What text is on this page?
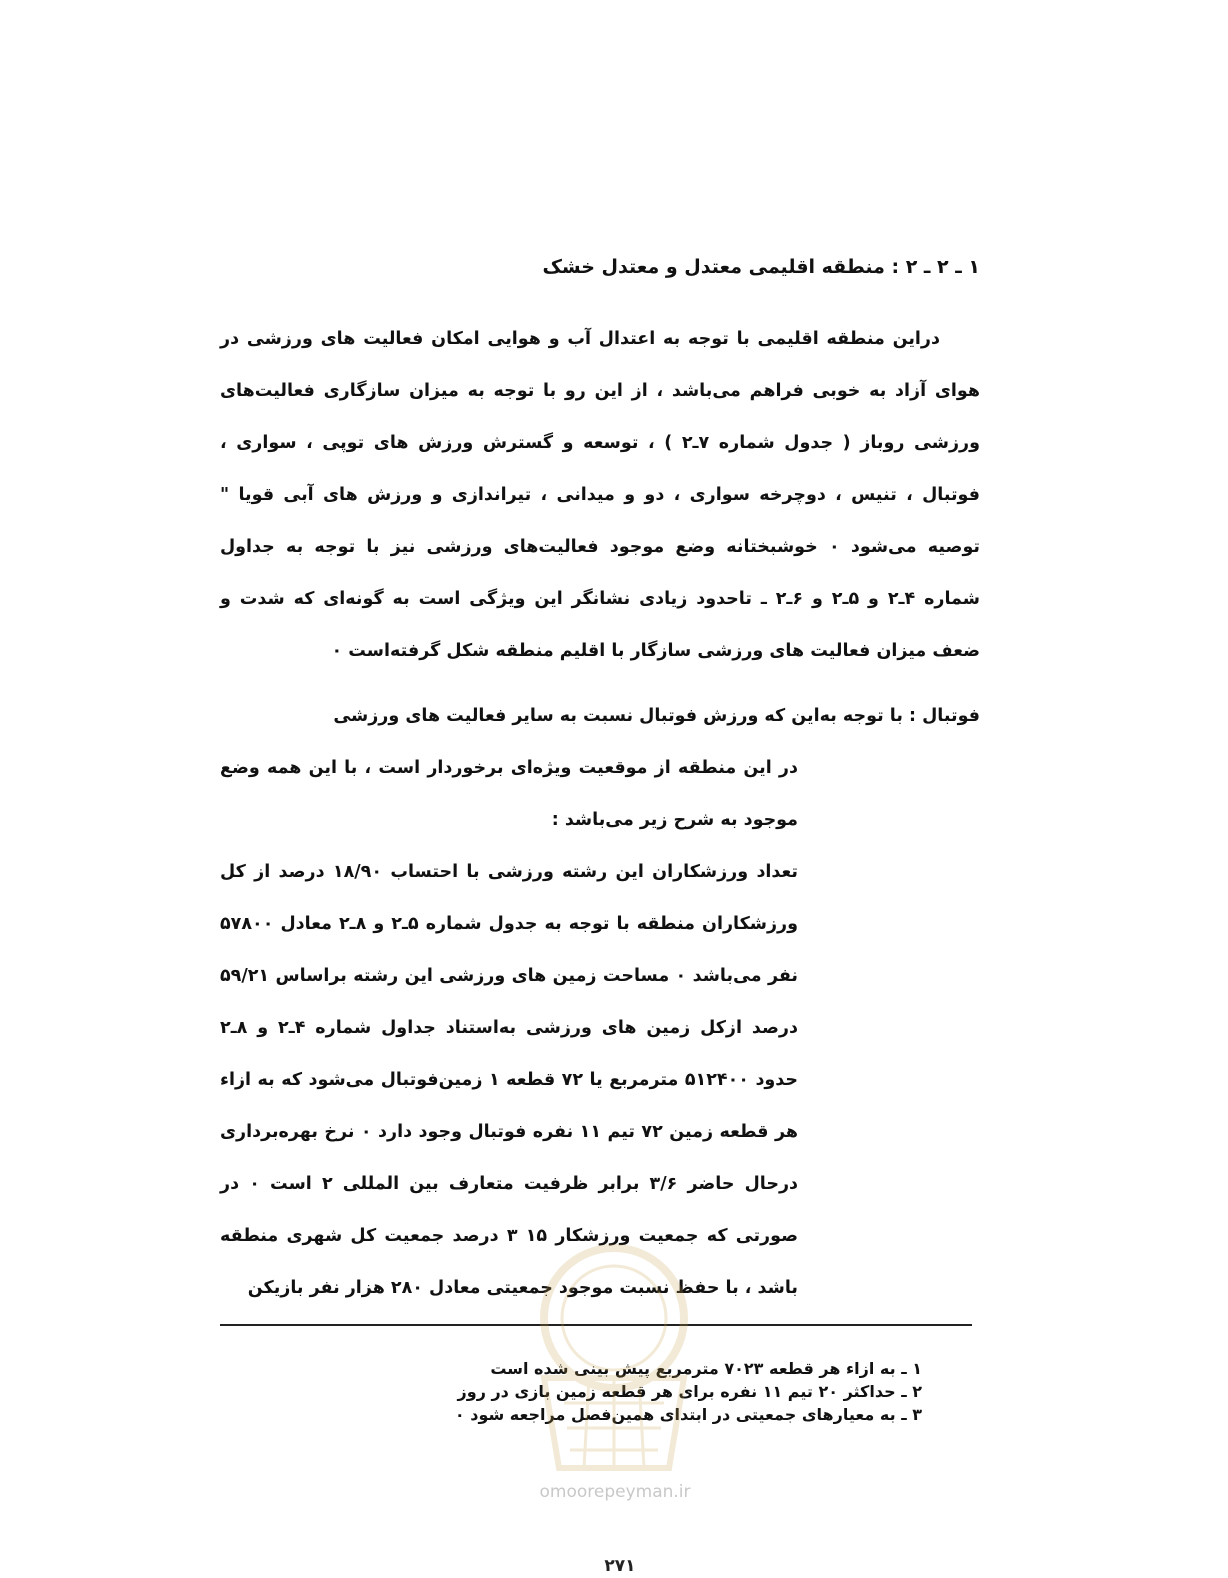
۱ ـ ۲ ـ ۲ : منطقه اقلیمی معتدل و معتدل خشک
دراین منطقه اقلیمی با توجه به اعتدال آب و هوایی امکان فعالیت های ورزشی در هوای آزاد به خوبی فراهم می‌باشد ، از این رو با توجه به میزان سازگاری فعالیت‌های ورزشی روباز ( جدول شماره ۷ـ۲ ) ، توسعه و گسترش ورزش های توپی ، سواری ، فوتبال ، تنیس ، دوچرخه سواری ، دو و میدانی ، تیراندازی و ورزش های آبی قویا " توصیه می‌شود ۰ خوشبختانه وضع موجود فعالیت‌های ورزشی نیز با توجه به جداول شماره ۴ـ۲ و ۵ـ۲ و ۶ـ۲ ـ تاحدود زیادی نشانگر این ویژگی است به گونه‌ای که شدت و ضعف میزان فعالیت های ورزشی سازگار با اقلیم منطقه شکل گرفته‌است ۰
فوتبال : با توجه به‌این که ورزش فوتبال نسبت به سایر فعالیت های ورزشی
در این منطقه از موقعیت ویژه‌ای برخوردار است ، با این همه وضع موجود به شرح زیر می‌باشد :
تعداد ورزشکاران این رشته ورزشی با احتساب ۱۸/۹۰ درصد از کل ورزشکاران منطقه با توجه به جدول شماره ۵ـ۲ و ۸ـ۲ معادل ۵۷۸۰۰ نفر می‌باشد ۰ مساحت زمین های ورزشی این رشته براساس ۵۹/۲۱ درصد ازکل زمین های ورزشی به‌استناد جداول شماره ۴ـ۲ و ۸ـ۲ حدود ۵۱۲۴۰۰ مترمربع یا ۷۲ قطعه ۱ زمین‌فوتبال می‌شود که به ازاء هر قطعه زمین ۷۲ تیم ۱۱ نفره فوتبال وجود دارد ۰ نرخ بهره‌برداری درحال حاضر ۳/۶ برابر ظرفیت متعارف بین المللی ۲ است ۰ در صورتی که جمعیت ورزشکار ۱۵ ۳ درصد جمعیت کل شهری منطقه باشد ، با حفظ نسبت موجود جمعیتی معادل ۲۸۰ هزار نفر بازیکن
۱ ـ به ازاء هر قطعه ۷۰۲۳ مترمربع پیش بینی شده است
۲ ـ حداکثر ۲۰ تیم ۱۱ نفره برای هر قطعه زمین بازی در روز
۳ ـ به معیارهای جمعیتی در ابتدای همین‌فصل مراجعه شود ۰
omoorepeyman.ir
۲۷۱
